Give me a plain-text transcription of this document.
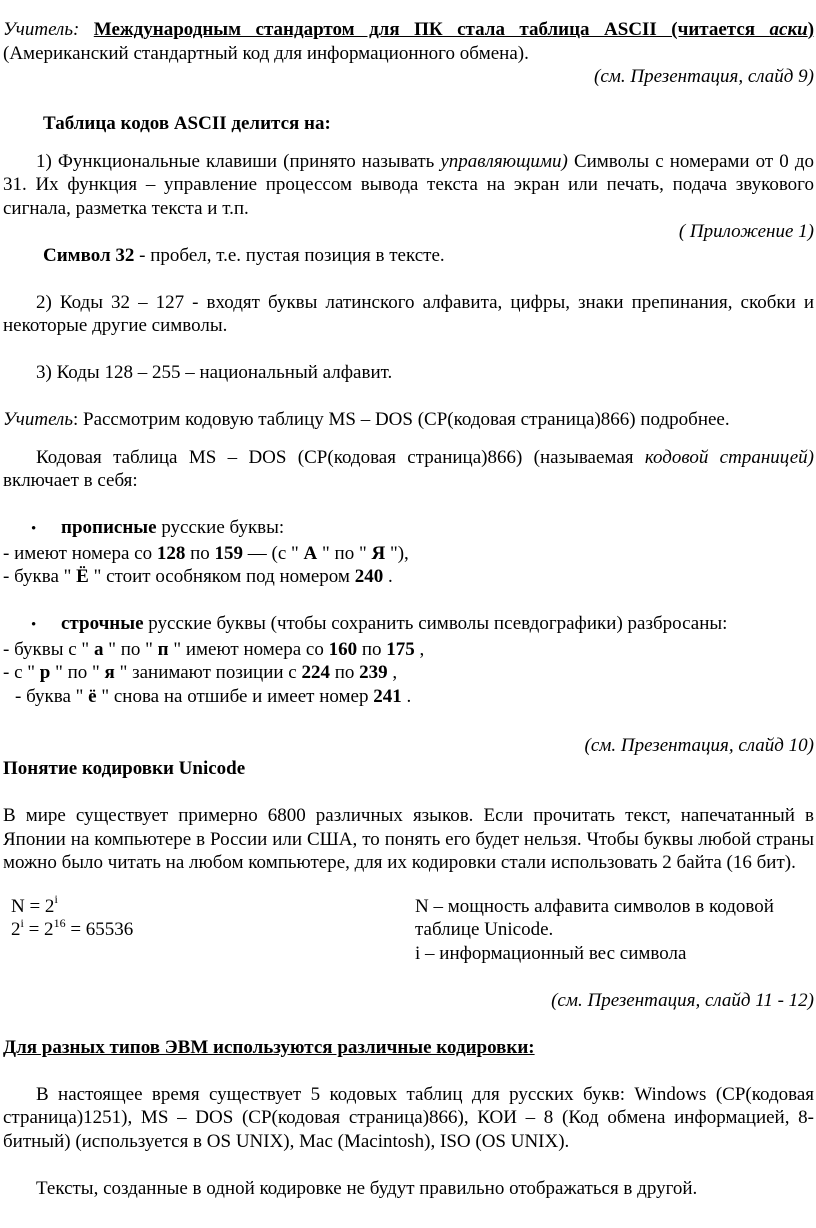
Учитель: Международным стандартом для ПК стала таблица ASCII (читается аски) (Американский стандартный код для информационного обмена).

(см. Презентация, слайд 9)

Таблица кодов ASCII делится на:

1) Функциональные клавиши (принято называть управляющими) Символы с номерами от 0 до 31. Их функция – управление процессом вывода текста на экран или печать, подача звукового сигнала, разметка текста и т.п.

( Приложение 1)

Символ 32 - пробел, т.е. пустая позиция в тексте.

2) Коды 32 – 127 - входят буквы латинского алфавита, цифры, знаки препинания, скобки и некоторые другие символы.

3) Коды 128 – 255 – национальный алфавит.

Учитель: Рассмотрим кодовую таблицу MS – DOS (CP(кодовая страница)866) подробнее.

Кодовая таблица MS – DOS (CP(кодовая страница)866) (называемая кодовой страницей) включает в себя:

•	прописные русские буквы:

- имеют номера со 128 по 159 — (с " А " по " Я "),

- буква " Ё " стоит особняком под номером 240 .

•	строчные русские буквы (чтобы сохранить символы псевдографики) разбросаны:

- буквы с " а " по " п " имеют номера со 160 по 175 ,

- с " р " по " я " занимают позиции с 224 по 239 ,

- буква " ё " снова на отшибе и имеет номер 241 .

(см. Презентация, слайд 10)

Понятие кодировки Unicode

В мире существует примерно 6800 различных языков. Если прочитать текст, напечатанный в Японии на компьютере в России или США, то понять его будет нельзя. Чтобы буквы любой страны можно было читать на любом компьютере, для их кодировки стали использовать 2 байта (16 бит).

$N = 2^i$

$2^i = 2^{16} = 65536$

N – мощность алфавита символов в кодовой таблице Unicode.

i – информационный вес символа

(см. Презентация, слайд 11 - 12)

Для разных типов ЭВМ используются различные кодировки:

В настоящее время существует 5 кодовых таблиц для русских букв: Windows (CP(кодовая страница)1251), MS – DOS (CP(кодовая страница)866), КОИ – 8 (Код обмена информацией, 8-битный) (используется в OS UNIX), Mac (Macintosh), ISO (OS UNIX).

Тексты, созданные в одной кодировке не будут правильно отображаться в другой.
